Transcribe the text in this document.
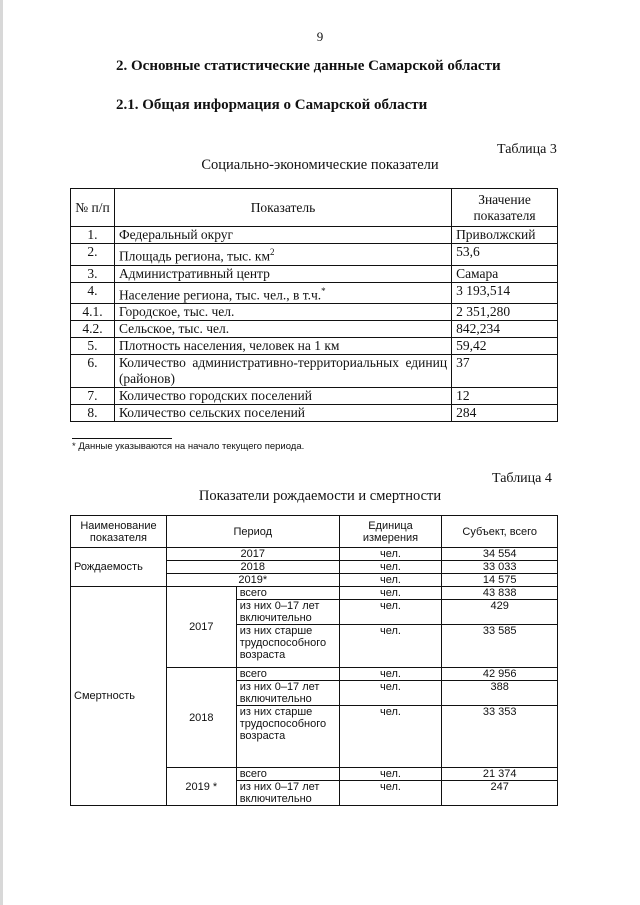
9
2. Основные статистические данные Самарской области
2.1. Общая информация о Самарской области
Таблица 3
Социально-экономические показатели
№ п/п	Показатель	Значение показателя
1.	Федеральный округ	Приволжский
2.	Площадь региона, тыс. $км^2$	53,6
3.	Административный центр	Самара
4.	Население региона, тыс. чел., в т.ч.*	3 193,514
4.1.	Городское, тыс. чел.	2 351,280
4.2.	Сельское, тыс. чел.	842,234
5.	Плотность населения, человек на 1 км	59,42
6.	Количество административно-территориальных единиц (районов)	37
7.	Количество городских поселений	12
8.	Количество сельских поселений	284
* Данные указываются на начало текущего периода.
Таблица 4
Показатели рождаемости и смертности
Наименование показателя	Период		Единица измерения	Субъект, всего
Рождаемость	2017		чел.	34 554
	2018		чел.	33 033
	2019*		чел.	14 575
Смертность	2017	всего	чел.	43 838
		из них 0–17 лет включительно	чел.	429
		из них старше трудоспособного возраста	чел.	33 585
	2018	всего	чел.	42 956
		из них 0–17 лет включительно	чел.	388
		из них старше трудоспособного возраста	чел.	33 353
	2019 *	всего	чел.	21 374
		из них 0–17 лет включительно	чел.	247
